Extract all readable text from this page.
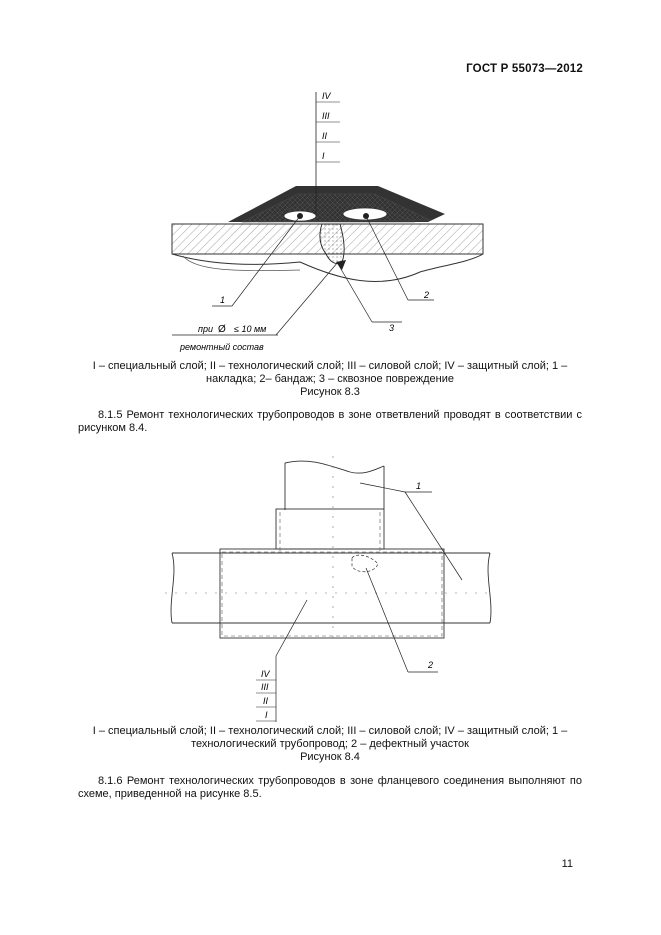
ГОСТ Р 55073—2012
IV
III
II
I
1	2
3
при Ø ≤ 10 мм
ремонтный состав
I – специальный слой; II – технологический слой; III – силовой слой; IV – защитный слой; 1 –
накладка; 2– бандаж; 3 – сквозное повреждение
Рисунок 8.3
8.1.5 Ремонт технологических трубопроводов в зоне ответвлений проводят в соответствии с рисунком 8.4.
1
2
IV
III
II
I
I – специальный слой; II – технологический слой; III – силовой слой; IV – защитный слой; 1 –
технологический трубопровод; 2 – дефектный участок
Рисунок 8.4
8.1.6 Ремонт технологических трубопроводов в зоне фланцевого соединения выполняют по схеме, приведенной на рисунке 8.5.
11
